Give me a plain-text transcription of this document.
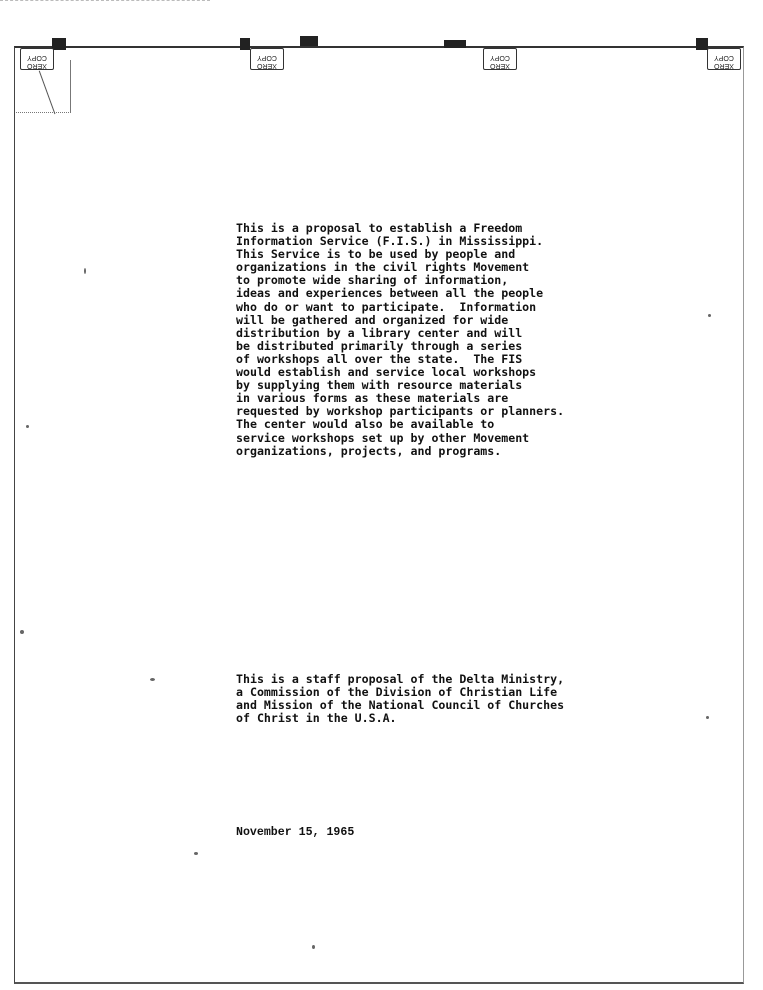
XERO
COPY
XERO
COPY
XERO
COPY
XERO
COPY
This is a proposal to establish a Freedom
Information Service (F.I.S.) in Mississippi.
This Service is to be used by people and
organizations in the civil rights Movement
to promote wide sharing of information,
ideas and experiences between all the people
who do or want to participate.  Information
will be gathered and organized for wide
distribution by a library center and will
be distributed primarily through a series
of workshops all over the state.  The FIS
would establish and service local workshops
by supplying them with resource materials
in various forms as these materials are
requested by workshop participants or planners.
The center would also be available to
service workshops set up by other Movement
organizations, projects, and programs.
This is a staff proposal of the Delta Ministry,
a Commission of the Division of Christian Life
and Mission of the National Council of Churches
of Christ in the U.S.A.
November 15, 1965
